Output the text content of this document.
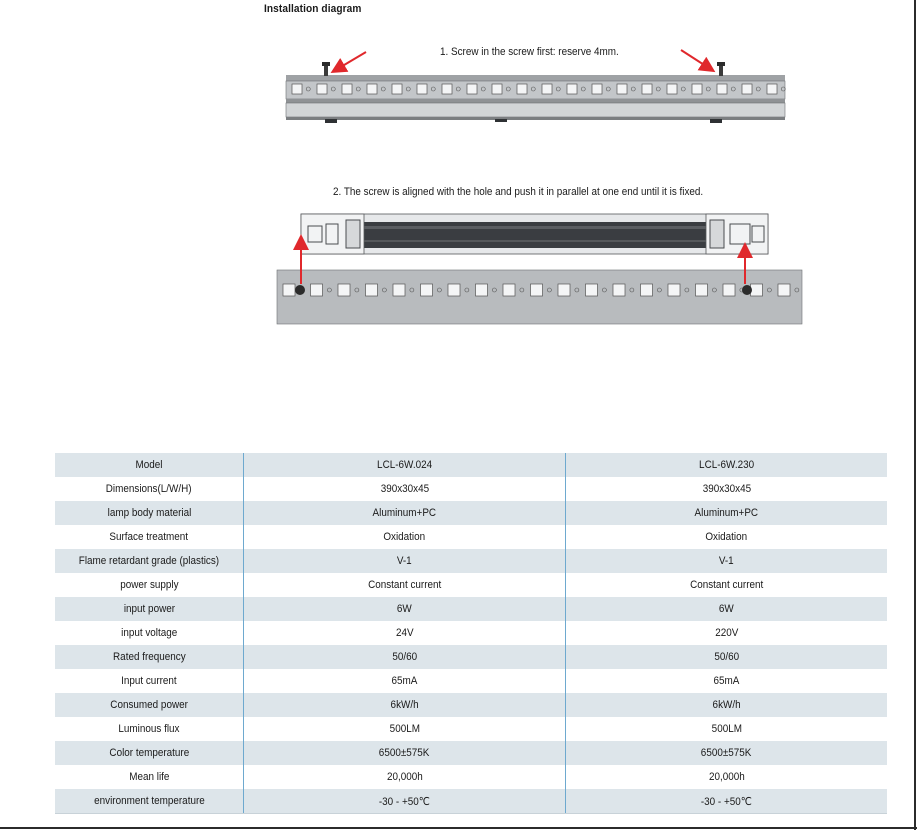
Installation diagram
1. Screw in the screw first: reserve 4mm.
2. The screw is aligned with the hole and push it in parallel at one end until it is fixed.
Model	LCL-6W.024	LCL-6W.230
Dimensions(L/W/H)	390x30x45	390x30x45
lamp body material	Aluminum+PC	Aluminum+PC
Surface treatment	Oxidation	Oxidation
Flame retardant grade (plastics)	V-1	V-1
power supply	Constant current	Constant current
input power	6W	6W
input voltage	24V	220V
Rated frequency	50/60	50/60
Input current	65mA	65mA
Consumed power	6kW/h	6kW/h
Luminous flux	500LM	500LM
Color temperature	6500±575K	6500±575K
Mean life	20,000h	20,000h
environment temperature	-30 - +50℃	-30 - +50℃
